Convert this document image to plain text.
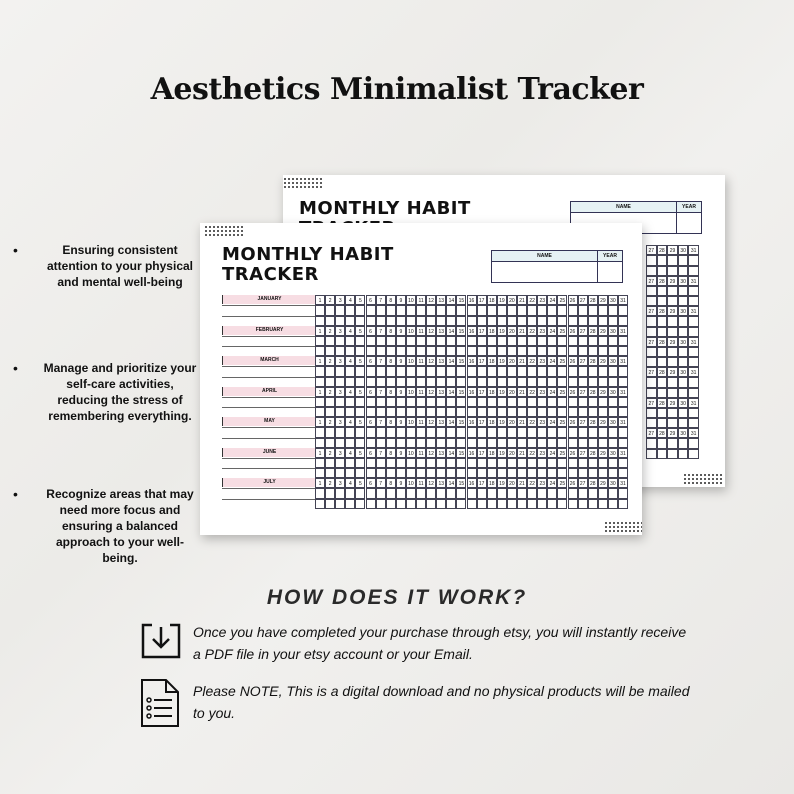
Aesthetics Minimalist Tracker
•	Ensuring consistent attention to your physical and mental well-being
•	Manage and prioritize your self-care activities, reducing the stress of remembering everything.
•	Recognize areas that may need more focus and ensuring a balanced approach to your well-being.
MONTHLY HABIT	NAME	YEAR
27	28	29	30	31
27	28	29	30	31
27	28	29	30	31
27	28	29	30	31
27	28	29	30	31
27	28	29	30	31
27	28	29	30	31
MONTHLY HABIT
TRACKER
NAME	YEAR
JANUARY	1	2	3	4	5	6	7	8	9	10 11 12 13 14 15 16 17 18 19 20 21 22 23 24 25 26 27 28 29 30 31
FEBRUARY	1	2	3	4	5	6	7	8	9	10 11 12 13 14 15 16 17 18 19 20 21 22 23 24 25 26 27 28 29 30 31
MARCH	1	2	3	4	5	6	7	8	9	10 11 12 13 14 15 16 17 18 19 20 21 22 23 24 25 26 27 28 29 30 31
APRIL	1	2	3	4	5	6	7	8	9	10 11 12 13 14 15 16 17 18 19 20 21 22 23 24 25 26 27 28 29 30 31
MAY	1	2	3	4	5	6	7	8	9	10 11 12 13 14 15 16 17 18 19 20 21 22 23 24 25 26 27 28 29 30 31
JUNE	1	2	3	4	5	6	7	8	9	10 11 12 13 14 15 16 17 18 19 20 21 22 23 24 25 26 27 28 29 30 31
JULY	1	2	3	4	5	6	7	8	9	10 11 12 13 14 15 16 17 18 19 20 21 22 23 24 25 26 27 28 29 30 31
HOW DOES IT WORK?
Once you have completed your purchase through etsy, you will instantly receive a PDF file in your etsy account or your Email.
Please NOTE, This is a digital download and no physical products will be mailed to you.
